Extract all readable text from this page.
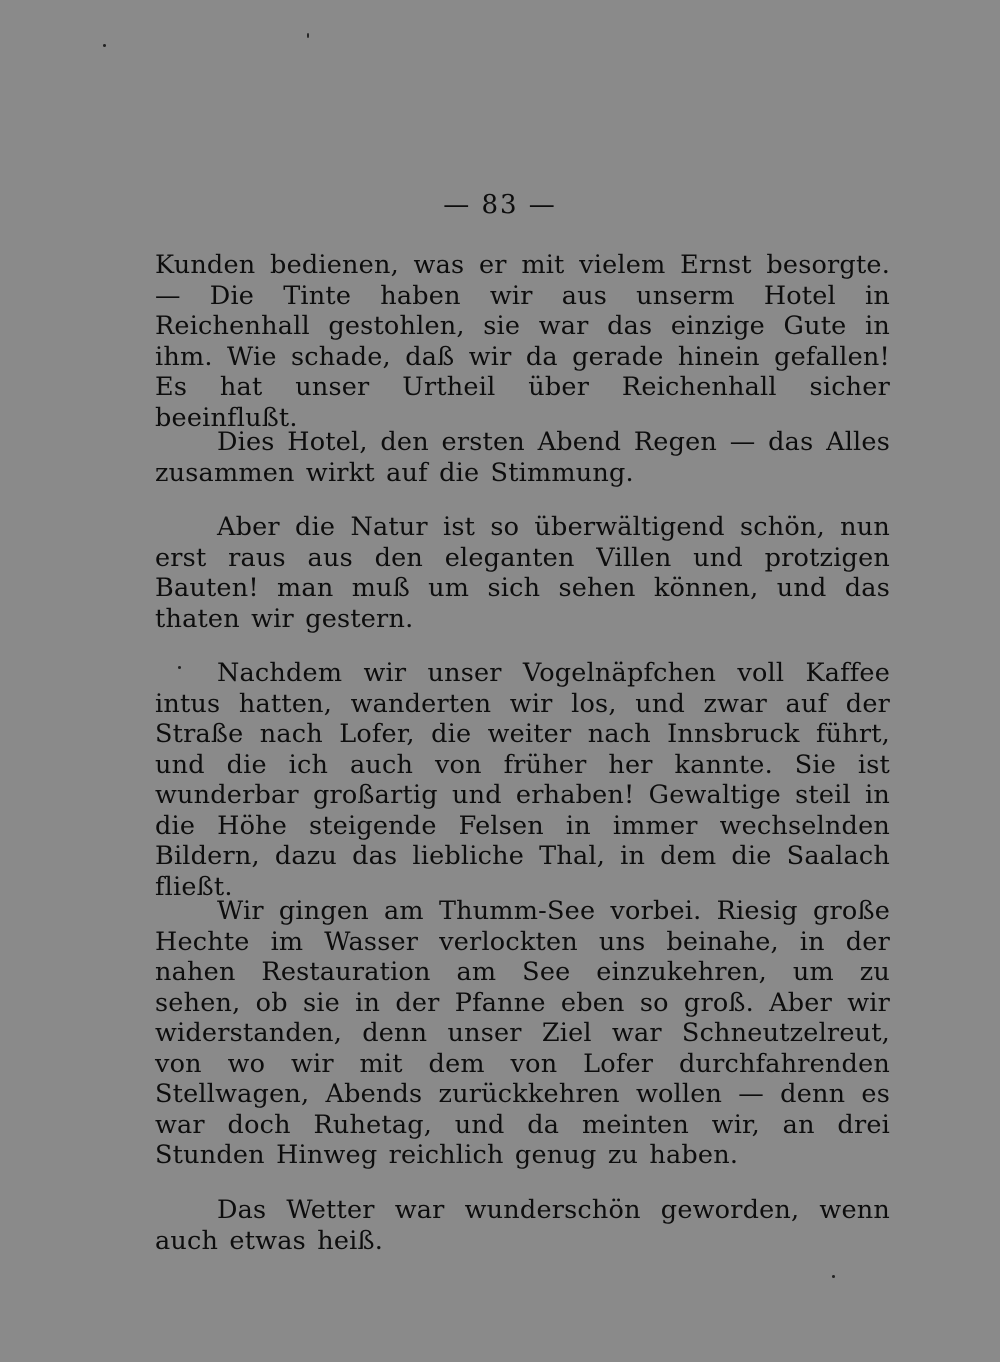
— 83 —

Kunden bedienen, was er mit vielem Ernst besorgte. — Die Tinte haben wir aus unserm Hotel in Reichenhall gestohlen, sie war das einzige Gute in ihm. Wie schade, daß wir da gerade hinein gefallen! Es hat unser Urtheil über Reichenhall sicher beeinflußt.

Dies Hotel, den ersten Abend Regen — das Alles zusammen wirkt auf die Stimmung.

Aber die Natur ist so überwältigend schön, nun erst raus aus den eleganten Villen und protzigen Bauten! man muß um sich sehen können, und das thaten wir gestern.

Nachdem wir unser Vogelnäpfchen voll Kaffee intus hatten, wanderten wir los, und zwar auf der Straße nach Lofer, die weiter nach Innsbruck führt, und die ich auch von früher her kannte. Sie ist wunderbar großartig und erhaben! Gewaltige steil in die Höhe steigende Felsen in immer wechselnden Bildern, dazu das liebliche Thal, in dem die Saalach fließt.

Wir gingen am Thumm-See vorbei. Riesig große Hechte im Wasser verlockten uns beinahe, in der nahen Restauration am See einzukehren, um zu sehen, ob sie in der Pfanne eben so groß. Aber wir widerstanden, denn unser Ziel war Schneutzelreut, von wo wir mit dem von Lofer durchfahrenden Stellwagen, Abends zurückkehren wollen — denn es war doch Ruhetag, und da meinten wir, an drei Stunden Hinweg reichlich genug zu haben.

Das Wetter war wunderschön geworden, wenn auch etwas heiß.
